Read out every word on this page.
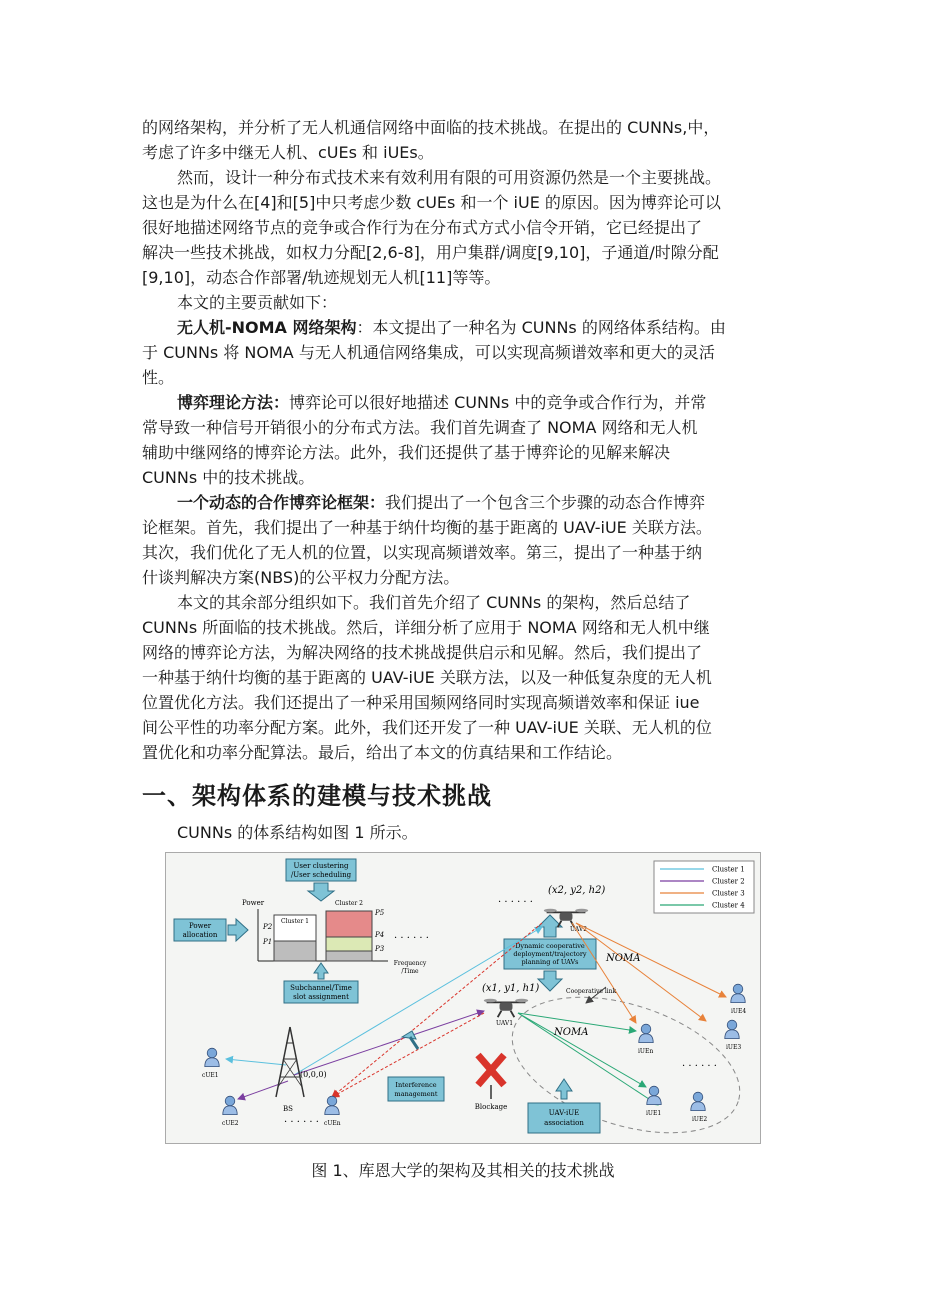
的网络架构，并分析了无人机通信网络中面临的技术挑战。在提出的 CUNNs,中，
考虑了许多中继无人机、cUEs 和 iUEs。
然而，设计一种分布式技术来有效利用有限的可用资源仍然是一个主要挑战。
这也是为什么在[4]和[5]中只考虑少数 cUEs 和一个 iUE 的原因。因为博弈论可以
很好地描述网络节点的竞争或合作行为在分布式方式小信令开销，它已经提出了
解决一些技术挑战，如权力分配[2,6-8]，用户集群/调度[9,10]，子通道/时隙分配
[9,10]，动态合作部署/轨迹规划无人机[11]等等。
本文的主要贡献如下：
无人机-NOMA 网络架构：本文提出了一种名为 CUNNs 的网络体系结构。由
于 CUNNs 将 NOMA 与无人机通信网络集成，可以实现高频谱效率和更大的灵活
性。
博弈理论方法：博弈论可以很好地描述 CUNNs 中的竞争或合作行为，并常
常导致一种信号开销很小的分布式方法。我们首先调查了 NOMA 网络和无人机
辅助中继网络的博弈论方法。此外，我们还提供了基于博弈论的见解来解决
CUNNs 中的技术挑战。
一个动态的合作博弈论框架：我们提出了一个包含三个步骤的动态合作博弈
论框架。首先，我们提出了一种基于纳什均衡的基于距离的 UAV-iUE 关联方法。
其次，我们优化了无人机的位置，以实现高频谱效率。第三，提出了一种基于纳
什谈判解决方案(NBS)的公平权力分配方法。
本文的其余部分组织如下。我们首先介绍了 CUNNs 的架构，然后总结了
CUNNs 所面临的技术挑战。然后，详细分析了应用于 NOMA 网络和无人机中继
网络的博弈论方法，为解决网络的技术挑战提供启示和见解。然后，我们提出了
一种基于纳什均衡的基于距离的 UAV-iUE 关联方法，以及一种低复杂度的无人机
位置优化方法。我们还提出了一种采用国频网络同时实现高频谱效率和保证 iue
间公平性的功率分配方案。此外，我们还开发了一种 UAV-iUE 关联、无人机的位
置优化和功率分配算法。最后，给出了本文的仿真结果和工作结论。
一、架构体系的建模与技术挑战
CUNNs 的体系结构如图 1 所示。
Cluster 1
Cluster 2
Cluster 3
Cluster 4
User clustering
/User scheduling
Power
allocation
Power
Cluster 1
Cluster 2
P2
P1
P5
P4
P3
· · · · · ·
Frequency
/Time
Subchannel/Time
slot assignment
Dynamic cooperative
deployment/trajectory
planning of UAVs
(x2, y2, h2)
UAV2
· · · · · ·
(x1, y1, h1)
UAV1
NOMA
NOMA
Cooperative link
BS
(0,0,0)
· · · · · ·
Interference
management
Blockage
UAV-iUE
association
cUE1
cUE2	cUEn
iUE4
iUE3
iUEn
· · · · · ·
iUE1
iUE2
图 1、库恩大学的架构及其相关的技术挑战
